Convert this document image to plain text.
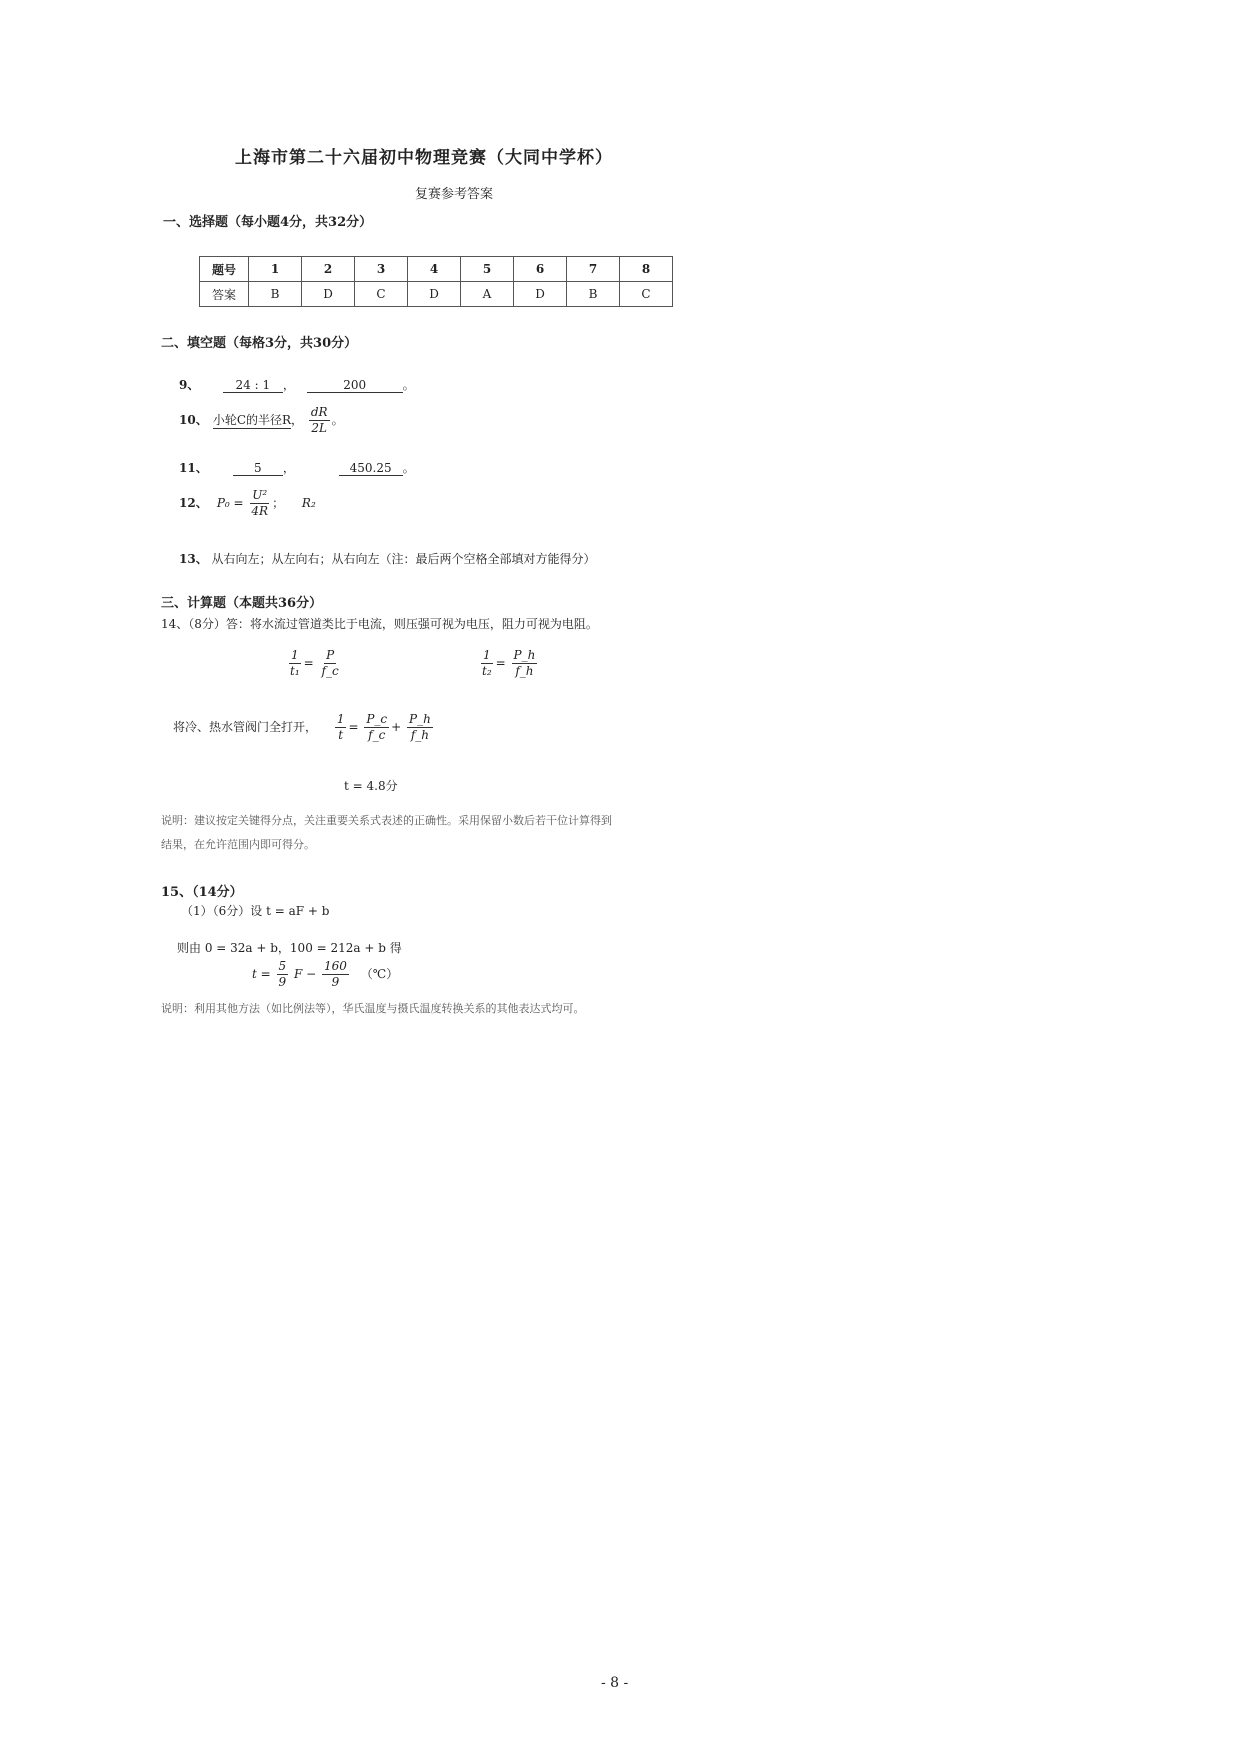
上海市第二十六届初中物理竞赛（大同中学杯）
复赛参考答案
一、选择题（每小题4分，共32分）
题号	1	2	3	4	5	6	7	8
答案	B	D	C	D	A	D	B	C
二、填空题（每格3分，共30分）
9、	24 : 1 ，	200	。
10、 小轮C的半径R， $\frac{dR}{2L}$ 。
11、	5 ，	450.25 。
12、 $P_0 = \frac{\text{U²}}{4R}$ ； R₂
13、 从右向左；从左向右；从右向左（注：最后两个空格全部填对方能得分）
三、计算题（本题共36分）
14、（8分）答：将水流过管道类比于电流，则压强可视为电压，阻力可视为电阻。
$\frac{1}{\text{t₁}} = \frac{P}{f\_c}$	$\frac{1}{\text{t₂}} = \frac{P\_h}{f\_h}$
将冷、热水管阀门全打开， $\frac{1}{t} = \frac{P\_c}{f\_c} + \frac{P\_h}{f\_h}$
t = 4.8分
说明：建议按定关键得分点，关注重要关系式表述的正确性。采用保留小数后若干位计算得到
结果，在允许范围内即可得分。
15、（14分）
（1）（6分）设 t = aF + b
则由 0 = 32a + b，100 = 212a + b 得
$t = \frac{5}{9}$ $F - \frac{160}{9}$ （℃）
说明：利用其他方法（如比例法等），华氏温度与摄氏温度转换关系的其他表达式均可。
- 8 -
